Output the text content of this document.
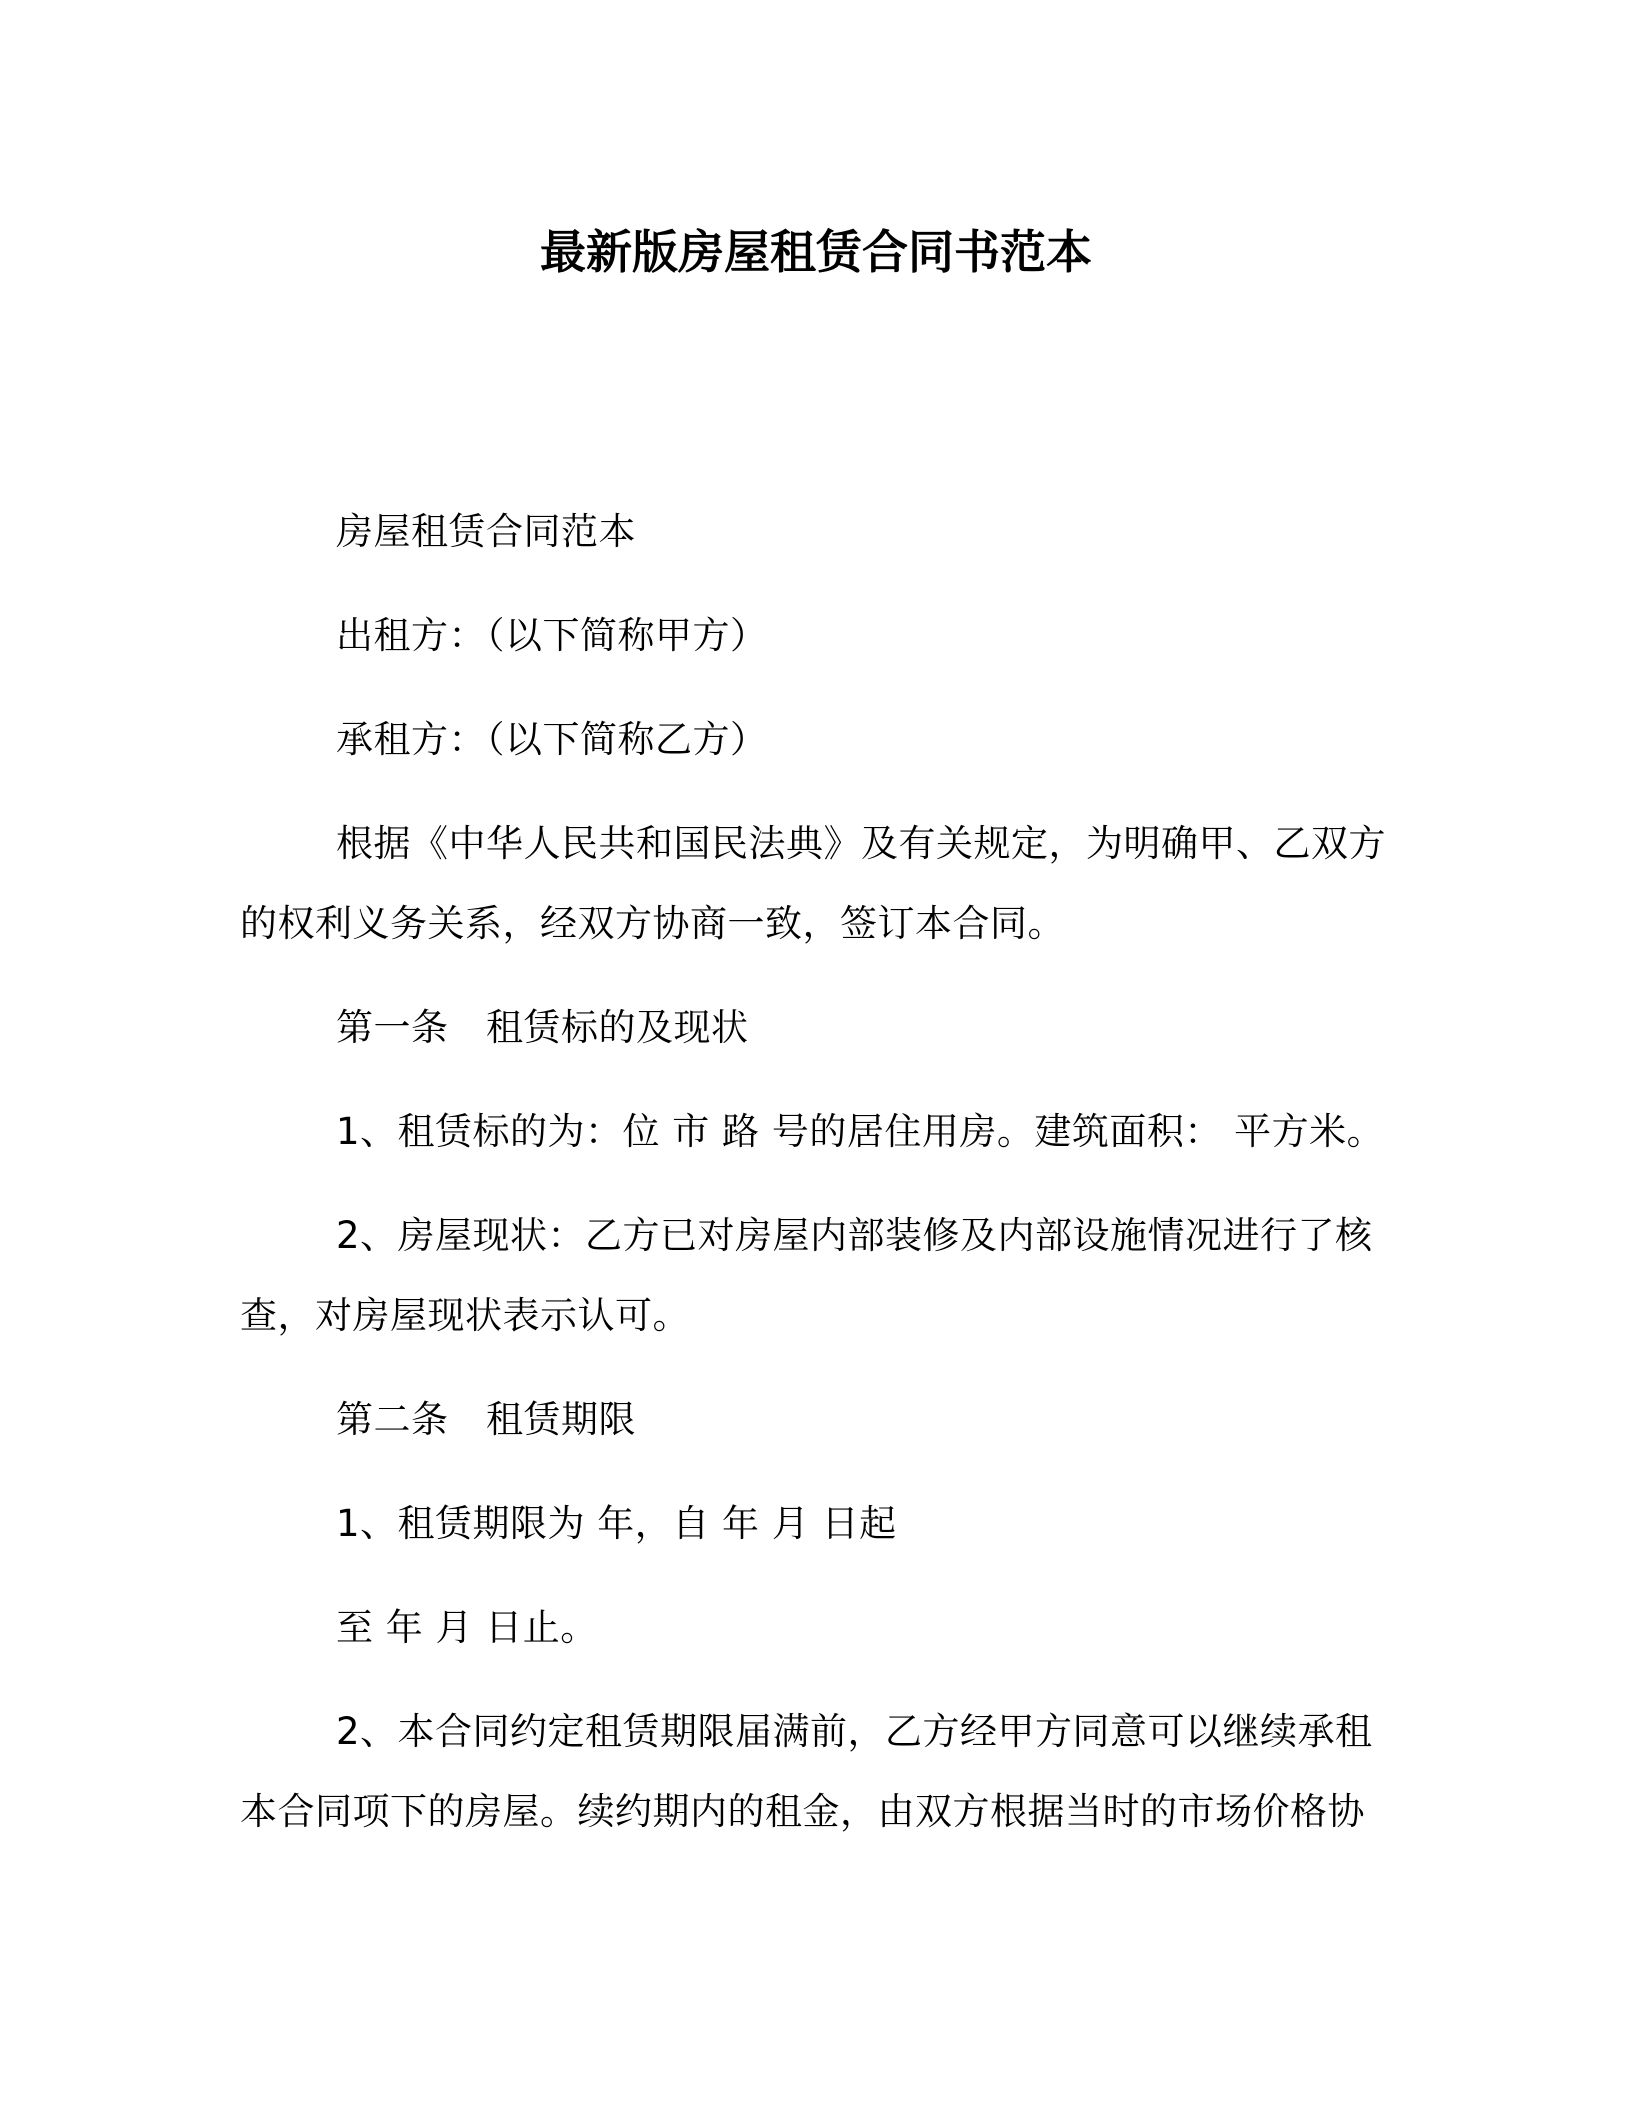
最新版房屋租赁合同书范本

房屋租赁合同范本

出租方：（以下简称甲方）

承租方：（以下简称乙方）

根据《中华人民共和国民法典》及有关规定，为明确甲、乙双方的权利义务关系，经双方协商一致，签订本合同。

第一条　租赁标的及现状

1、租赁标的为：位 市 路 号的居住用房。建筑面积： 平方米。

2、房屋现状：乙方已对房屋内部装修及内部设施情况进行了核查，对房屋现状表示认可。

第二条　租赁期限

1、租赁期限为 年，自 年 月 日起

至 年 月 日止。

2、本合同约定租赁期限届满前，乙方经甲方同意可以继续承租本合同项下的房屋。续约期内的租金，由双方根据当时的市场价格协
